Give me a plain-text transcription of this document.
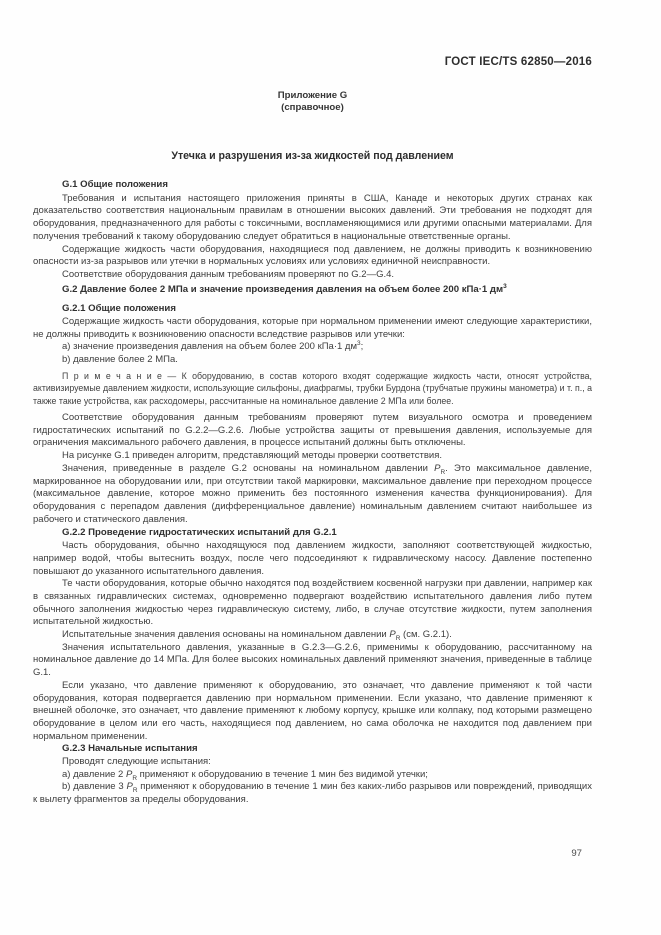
ГОСТ IEC/TS 62850—2016
Приложение G
(справочное)
Утечка и разрушения из-за жидкостей под давлением
G.1 Общие положения

Требования и испытания настоящего приложения приняты в США, Канаде и некоторых других странах как доказательство соответствия национальным правилам в отношении высоких давлений. Эти требования не подходят для оборудования, предназначенного для работы с токсичными, воспламеняющимися или другими опасными материалами. Для получения требований к такому оборудованию следует обратиться в национальные ответственные органы.

Содержащие жидкость части оборудования, находящиеся под давлением, не должны приводить к возникновению опасности из-за разрывов или утечки в нормальных условиях или условиях единичной неисправности.

Соответствие оборудования данным требованиям проверяют по G.2—G.4.

G.2 Давление более 2 МПа и значение произведения давления на объем более 200 кПа·1 $дм^3$
G.2.1 Общие положения

Содержащие жидкость части оборудования, которые при нормальном применении имеют следующие характеристики, не должны приводить к возникновению опасности вследствие разрывов или утечки:

a) значение произведения давления на объем более 200 кПа·1 $дм^3$;

b) давление более 2 МПа.

П р и м е ч а н и е — К оборудованию, в состав которого входят содержащие жидкость части, относят устройства, активизируемые давлением жидкости, использующие сильфоны, диафрагмы, трубки Бурдона (трубчатые пружины манометра) и т. п., а также такие устройства, как расходомеры, рассчитанные на номинальное давление 2 МПа или более.

Соответствие оборудования данным требованиям проверяют путем визуального осмотра и проведением гидростатических испытаний по G.2.2—G.2.6. Любые устройства защиты от превышения давления, используемые для ограничения максимального рабочего давления, в процессе испытаний должны быть отключены.

На рисунке G.1 приведен алгоритм, представляющий методы проверки соответствия.

Значения, приведенные в разделе G.2 основаны на номинальном давлении $P_R$. Это максимальное давление, маркированное на оборудовании или, при отсутствии такой маркировки, максимальное давление при переходном процессе (максимальное давление, которое можно применить без постоянного изменения качества функционирования). Для оборудования с перепадом давления (дифференциальное давление) номинальным давлением считают наибольшее из рабочего и статического давления.

G.2.2 Проведение гидростатических испытаний для G.2.1

Часть оборудования, обычно находящуюся под давлением жидкости, заполняют соответствующей жидкостью, например водой, чтобы вытеснить воздух, после чего подсоединяют к гидравлическому насосу. Давление постепенно повышают до указанного испытательного давления.

Те части оборудования, которые обычно находятся под воздействием косвенной нагрузки при давлении, например как в связанных гидравлических системах, одновременно подвергают воздействию испытательного давления либо путем обычного заполнения жидкостью через гидравлическую систему, либо, в случае отсутствие жидкости, путем заполнения испытательной жидкостью.

Испытательные значения давления основаны на номинальном давлении $P_R$ (см. G.2.1).

Значения испытательного давления, указанные в G.2.3—G.2.6, применимы к оборудованию, рассчитанному на номинальное давление до 14 МПа. Для более высоких номинальных давлений применяют значения, приведенные в таблице G.1.

Если указано, что давление применяют к оборудованию, это означает, что давление применяют к той части оборудования, которая подвергается давлению при нормальном применении. Если указано, что давление применяют к внешней оболочке, это означает, что давление применяют к любому корпусу, крышке или колпаку, под которыми размещено оборудование в целом или его часть, находящиеся под давлением, но сама оболочка не находится под давлением при нормальном применении.

G.2.3 Начальные испытания

Проводят следующие испытания:

a) давление 2 $P_R$ применяют к оборудованию в течение 1 мин без видимой утечки;

b) давление 3 $P_R$ применяют к оборудованию в течение 1 мин без каких-либо разрывов или повреждений, приводящих к вылету фрагментов за пределы оборудования.

97
